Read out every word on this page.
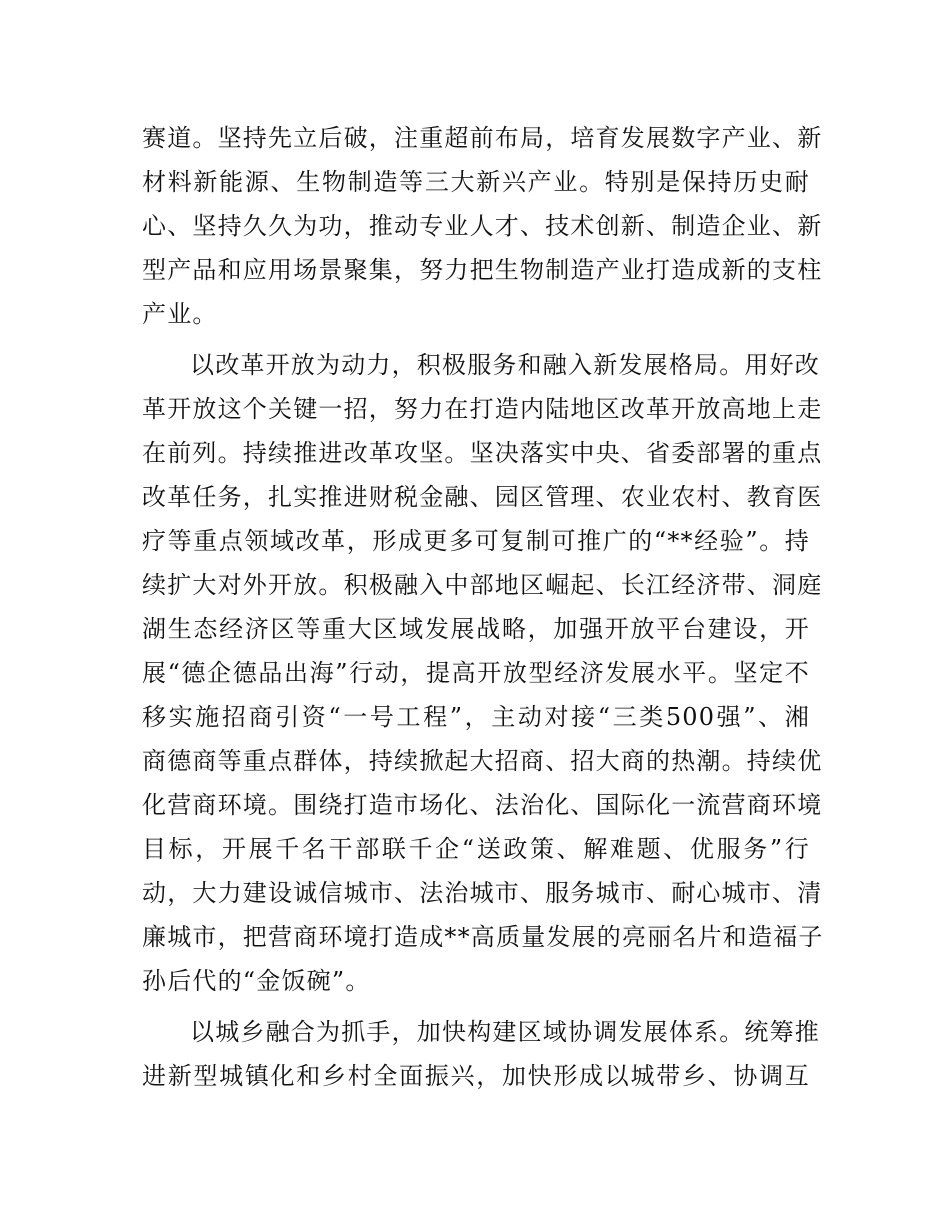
赛道。坚持先立后破，注重超前布局，培育发展数字产业、新
材料新能源、生物制造等三大新兴产业。特别是保持历史耐
心、坚持久久为功，推动专业人才、技术创新、制造企业、新
型产品和应用场景聚集，努力把生物制造产业打造成新的支柱
产业。
以改革开放为动力，积极服务和融入新发展格局。用好改
革开放这个关键一招，努力在打造内陆地区改革开放高地上走
在前列。持续推进改革攻坚。坚决落实中央、省委部署的重点
改革任务，扎实推进财税金融、园区管理、农业农村、教育医
疗等重点领域改革，形成更多可复制可推广的“**经验”。持
续扩大对外开放。积极融入中部地区崛起、长江经济带、洞庭
湖生态经济区等重大区域发展战略，加强开放平台建设，开
展“德企德品出海”行动，提高开放型经济发展水平。坚定不
移实施招商引资“一号工程”，主动对接“三类500强”、湘
商德商等重点群体，持续掀起大招商、招大商的热潮。持续优
化营商环境。围绕打造市场化、法治化、国际化一流营商环境
目标，开展千名干部联千企“送政策、解难题、优服务”行
动，大力建设诚信城市、法治城市、服务城市、耐心城市、清
廉城市，把营商环境打造成**高质量发展的亮丽名片和造福子
孙后代的“金饭碗”。
以城乡融合为抓手，加快构建区域协调发展体系。统筹推
进新型城镇化和乡村全面振兴，加快形成以城带乡、协调互
